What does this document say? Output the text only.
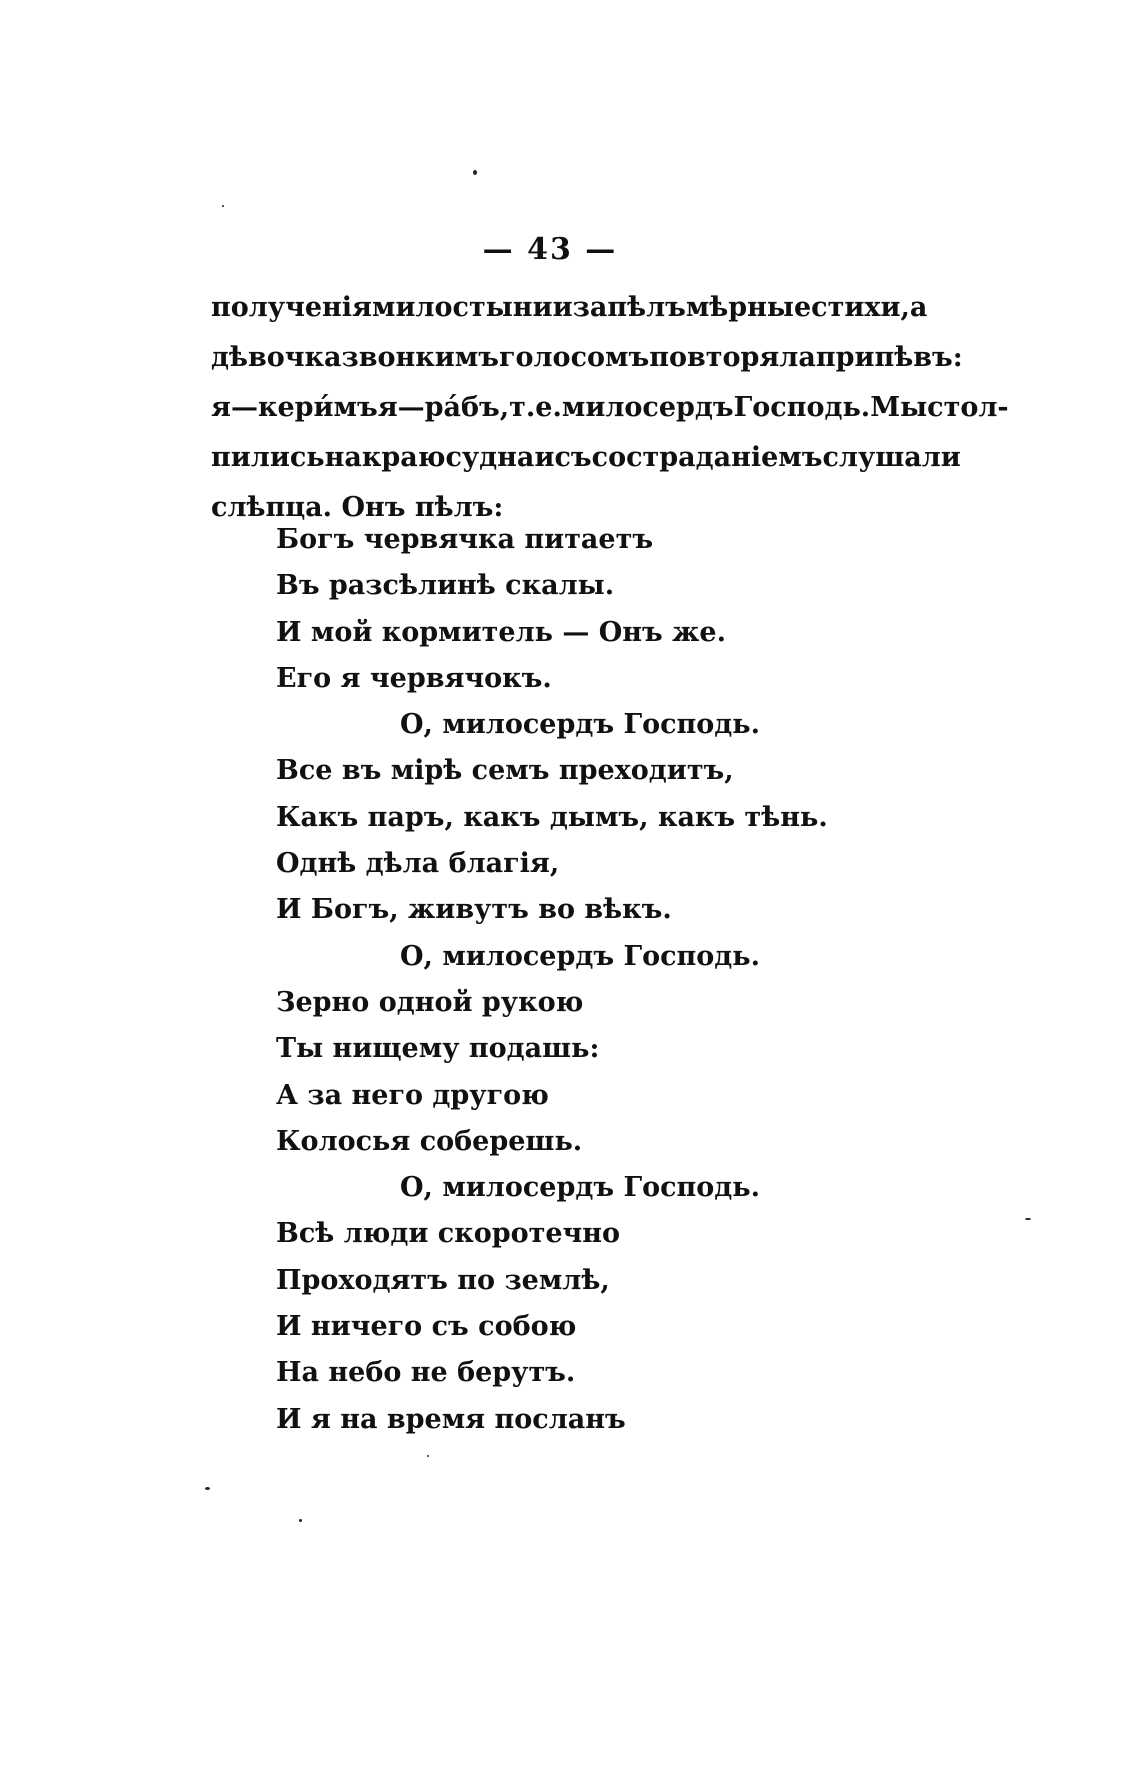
— 43 —
полученія милостыни и запѣлъ мѣрные стихи, а
дѣвочка звонкимъ голосомъ повторяла припѣвъ:
я—кери́мъ я—ра́бъ, т. е. милосердъ Господь. Мы стол-
пились на краю судна и съ состраданіемъ слушали
слѣпца. Онъ пѣлъ:
Богъ червячка питаетъ
Въ разсѣлинѣ скалы.
И мой кормитель — Онъ же.
Его я червячокъ.
О, милосердъ Господь.
Все въ мірѣ семъ преходитъ,
Какъ паръ, какъ дымъ, какъ тѣнь.
Однѣ дѣла благія,
И Богъ, живутъ во вѣкъ.
О, милосердъ Господь.
Зерно одной рукою
Ты нищему подашь:
А за него другою
Колосья соберешь.
О, милосердъ Господь.
Всѣ люди скоротечно
Проходятъ по землѣ,
И ничего съ собою
На небо не берутъ.
И я на время посланъ
